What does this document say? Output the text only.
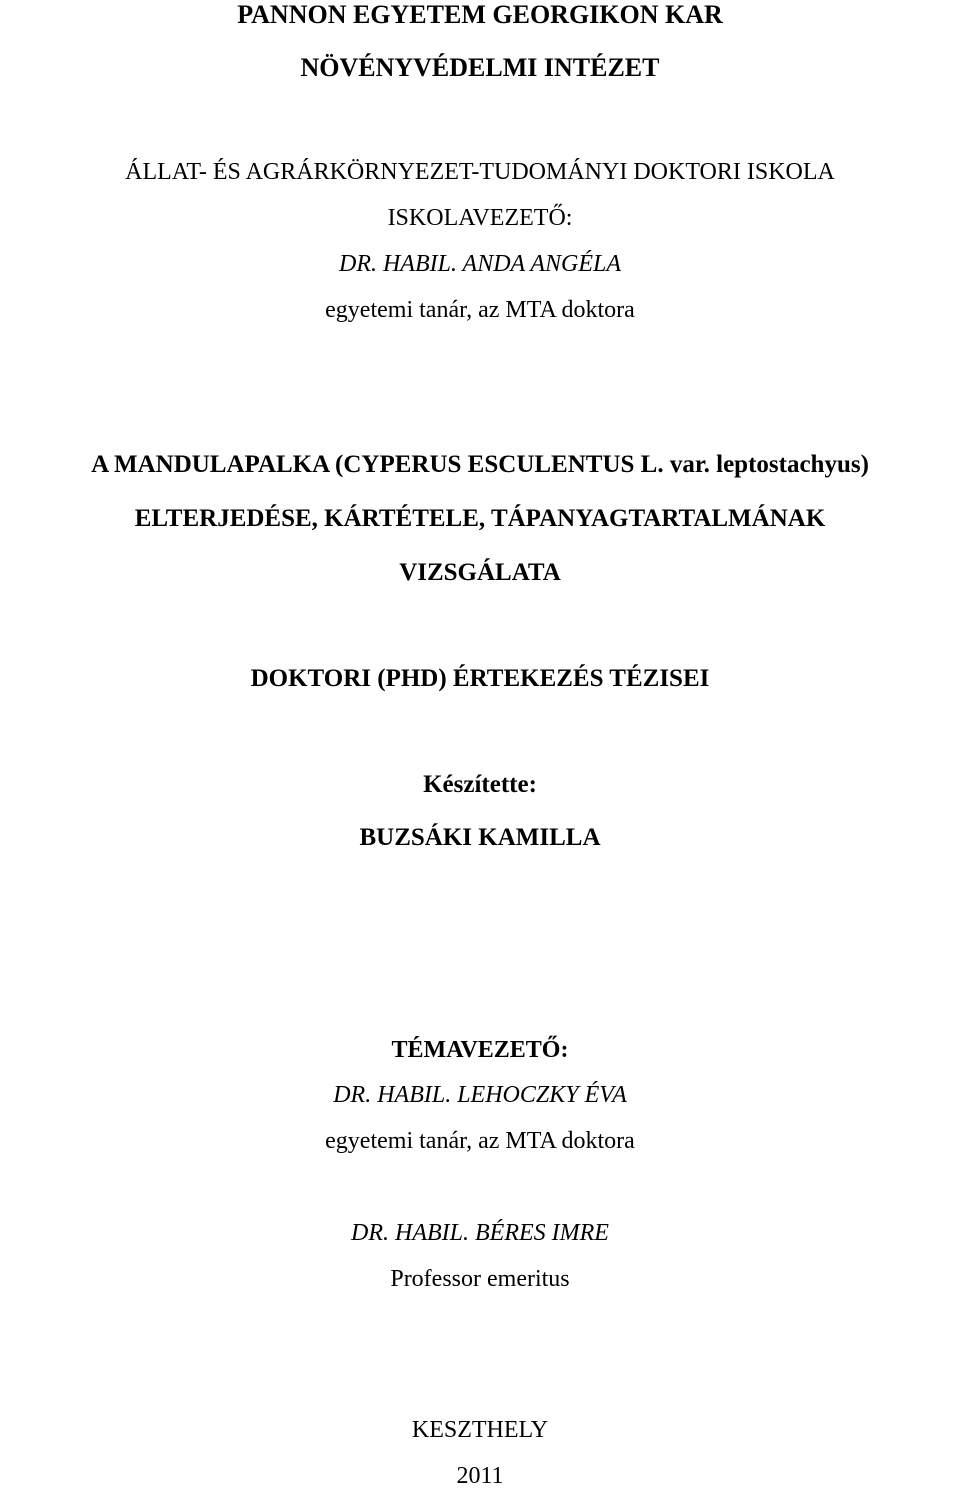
PANNON EGYETEM GEORGIKON KAR
NÖVÉNYVÉDELMI INTÉZET
ÁLLAT- ÉS AGRÁRKÖRNYEZET-TUDOMÁNYI DOKTORI ISKOLA
ISKOLAVEZETŐ:
DR. HABIL. ANDA ANGÉLA
egyetemi tanár, az MTA doktora
A MANDULAPALKA (CYPERUS ESCULENTUS L. var. leptostachyus)
ELTERJEDÉSE, KÁRTÉTELE, TÁPANYAGTARTALMÁNAK
VIZSGÁLATA
DOKTORI (PHD) ÉRTEKEZÉS TÉZISEI
Készítette:
BUZSÁKI KAMILLA
TÉMAVEZETŐ:
DR. HABIL. LEHOCZKY ÉVA
egyetemi tanár, az MTA doktora
DR. HABIL. BÉRES IMRE
Professor emeritus
KESZTHELY
2011
